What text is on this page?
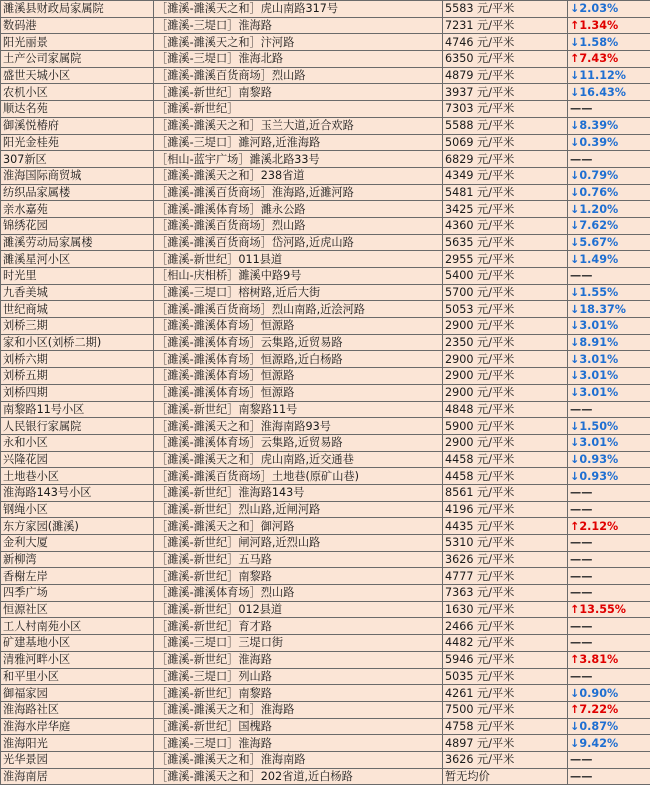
濉溪县财政局家属院	［濉溪-濉溪天之和］虎山南路317号	5583 元/平米	↓2.03%
数码港	［濉溪-三堤口］淮海路	7231 元/平米	↑1.34%
阳光丽景	［濉溪-濉溪天之和］汴河路	4746 元/平米	↓1.58%
土产公司家属院	［濉溪-三堤口］淮海北路	6350 元/平米	↑7.43%
盛世天城小区	［濉溪-濉溪百货商场］烈山路	4879 元/平米	↓11.12%
农机小区	［濉溪-新世纪］南黎路	3937 元/平米	↓16.43%
顺达名苑	［濉溪-新世纪］	7303 元/平米	——
御溪悦椿府	［濉溪-濉溪天之和］玉兰大道,近合欢路	5588 元/平米	↓8.39%
阳光金桂苑	［濉溪-三堤口］濉河路,近淮海路	5069 元/平米	↓0.39%
307新区	［相山-蓝宇广场］濉溪北路33号	6829 元/平米	——
淮海国际商贸城	［濉溪-濉溪天之和］238省道	4349 元/平米	↓0.79%
纺织品家属楼	［濉溪-濉溪百货商场］淮海路,近濉河路	5481 元/平米	↓0.76%
亲水嘉苑	［濉溪-濉溪体育场］濉永公路	3425 元/平米	↓1.20%
锦绣花园	［濉溪-濉溪百货商场］烈山路	4360 元/平米	↓7.62%
濉溪劳动局家属楼	［濉溪-濉溪百货商场］岱河路,近虎山路	5635 元/平米	↓5.67%
濉溪星河小区	［濉溪-新世纪］011县道	2955 元/平米	↓1.49%
时光里	［相山-庆相桥］濉溪中路9号	5400 元/平米	——
九香美城	［濉溪-三堤口］榕树路,近后大街	5700 元/平米	↓1.55%
世纪商城	［濉溪-濉溪百货商场］烈山南路,近浍河路	5053 元/平米	↓18.37%
刘桥三期	［濉溪-濉溪体育场］恒源路	2900 元/平米	↓3.01%
家和小区(刘桥二期)	［濉溪-濉溪体育场］云集路,近贸易路	2350 元/平米	↓8.91%
刘桥六期	［濉溪-濉溪体育场］恒源路,近白杨路	2900 元/平米	↓3.01%
刘桥五期	［濉溪-濉溪体育场］恒源路	2900 元/平米	↓3.01%
刘桥四期	［濉溪-濉溪体育场］恒源路	2900 元/平米	↓3.01%
南黎路11号小区	［濉溪-新世纪］南黎路11号	4848 元/平米	——
人民银行家属院	［濉溪-濉溪天之和］淮海南路93号	5900 元/平米	↓1.50%
永和小区	［濉溪-濉溪体育场］云集路,近贸易路	2900 元/平米	↓3.01%
兴隆花园	［濉溪-濉溪天之和］虎山南路,近交通巷	4458 元/平米	↓0.93%
土地巷小区	［濉溪-濉溪百货商场］土地巷(原矿山巷)	4458 元/平米	↓0.93%
淮海路143号小区	［濉溪-新世纪］淮海路143号	8561 元/平米	——
钢绳小区	［濉溪-新世纪］烈山路,近闸河路	4196 元/平米	——
东方家园(濉溪)	［濉溪-濉溪天之和］御河路	4435 元/平米	↑2.12%
金利大厦	［濉溪-新世纪］闸河路,近烈山路	5310 元/平米	——
新柳湾	［濉溪-新世纪］五马路	3626 元/平米	——
香榭左岸	［濉溪-新世纪］南黎路	4777 元/平米	——
四季广场	［濉溪-濉溪体育场］烈山路	7363 元/平米	——
恒源社区	［濉溪-新世纪］012县道	1630 元/平米	↑13.55%
工人村南苑小区	［濉溪-新世纪］育才路	2466 元/平米	——
矿建基地小区	［濉溪-三堤口］三堤口街	4482 元/平米	——
清雅河畔小区	［濉溪-新世纪］淮海路	5946 元/平米	↑3.81%
和平里小区	［濉溪-三堤口］列山路	5035 元/平米	——
御福家园	［濉溪-新世纪］南黎路	4261 元/平米	↓0.90%
淮海路社区	［濉溪-濉溪天之和］淮海路	7500 元/平米	↑7.22%
淮海水岸华庭	［濉溪-新世纪］国槐路	4758 元/平米	↓0.87%
淮海阳光	［濉溪-三堤口］淮海路	4897 元/平米	↓9.42%
光华景园	［濉溪-濉溪天之和］淮海南路	3626 元/平米	——
淮海南居	［濉溪-濉溪天之和］202省道,近白杨路	暂无均价	——
